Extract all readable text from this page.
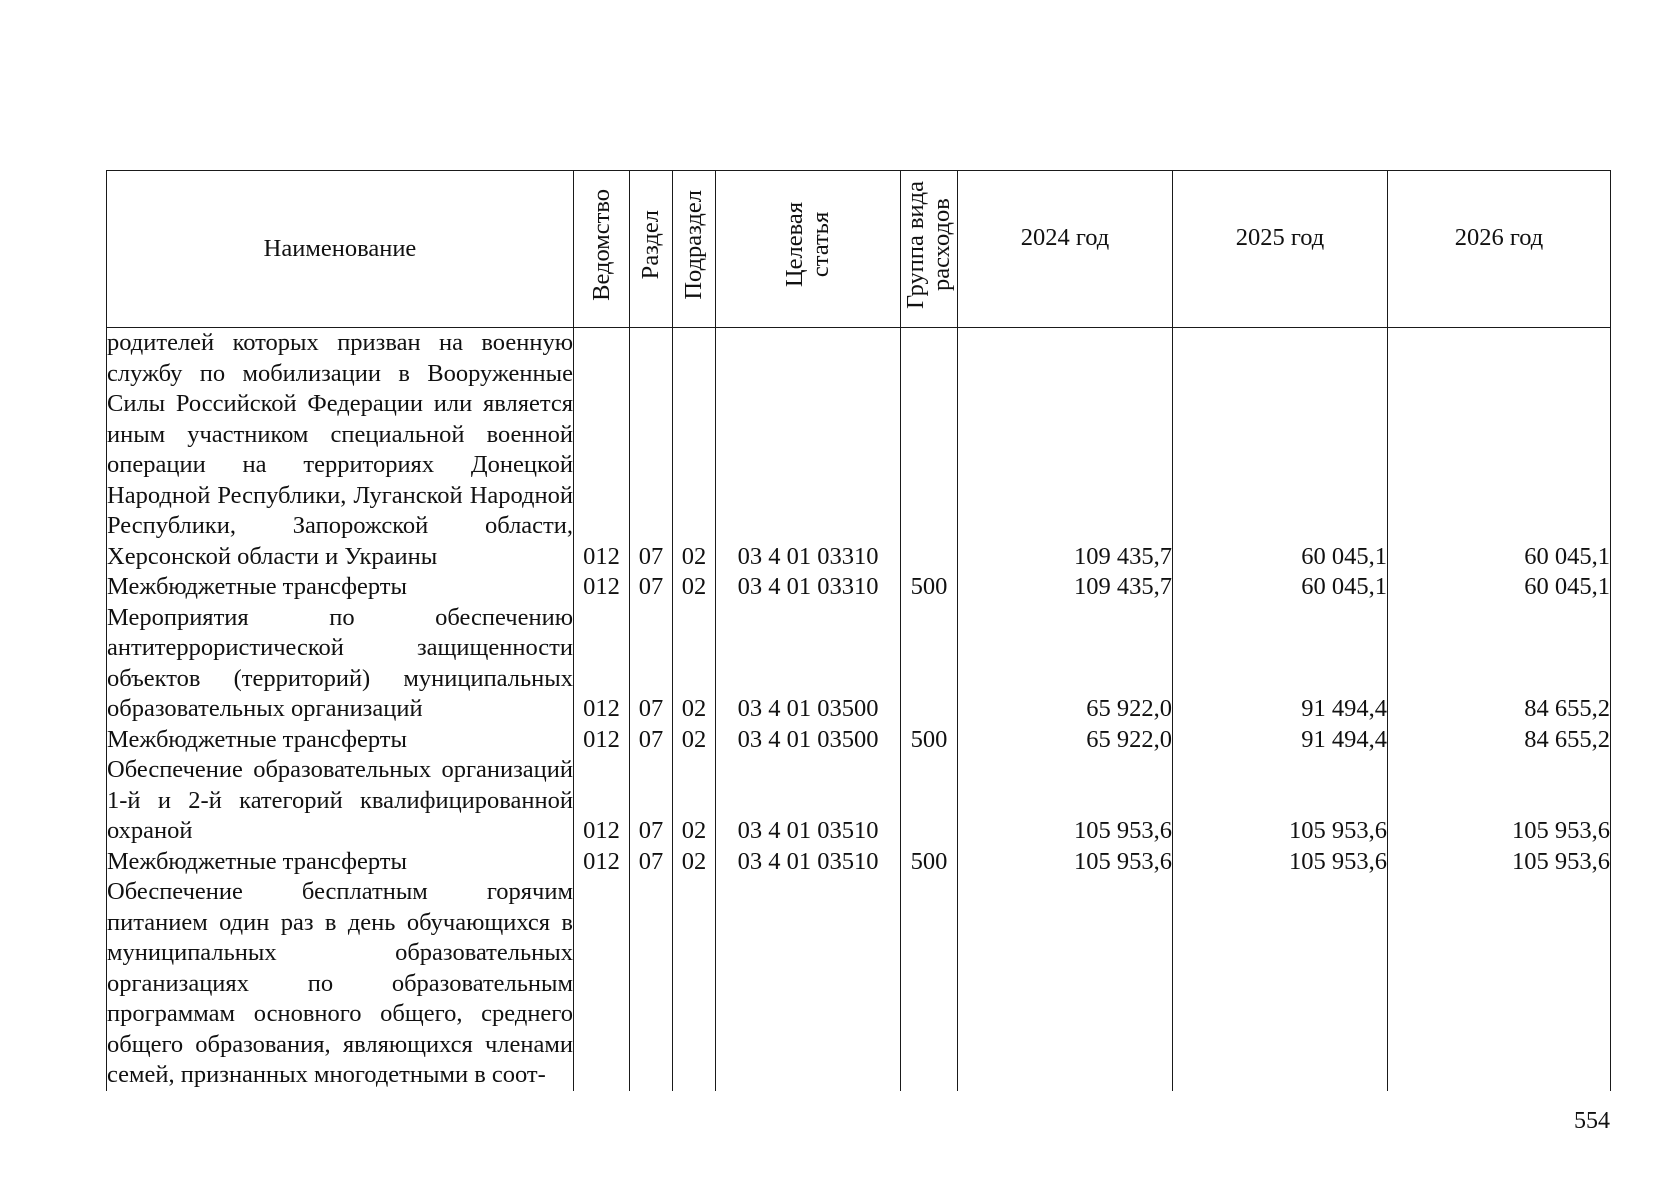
Наименование	Ведомство	Раздел	Подраздел	Целевая статья	Группа вида расходов	2024 год	2025 год	2026 год

родителей которых призван на военную службу по мобилизации в Вооруженные Силы Российской Федерации или является иным участником специальной военной операции на территориях Донецкой Народной Республики, Луганской Народной Республики, Запорожской области, Херсонской области и Украины	012	07	02	03 4 01 03310		109 435,7	60 045,1	60 045,1
Межбюджетные трансферты	012	07	02	03 4 01 03310	500	109 435,7	60 045,1	60 045,1
Мероприятия по обеспечению антитеррористической защищенности объектов (территорий) муниципальных образовательных организаций	012	07	02	03 4 01 03500		65 922,0	91 494,4	84 655,2
Межбюджетные трансферты	012	07	02	03 4 01 03500	500	65 922,0	91 494,4	84 655,2
Обеспечение образовательных организаций 1-й и 2-й категорий квалифицированной охраной	012	07	02	03 4 01 03510		105 953,6	105 953,6	105 953,6
Межбюджетные трансферты	012	07	02	03 4 01 03510	500	105 953,6	105 953,6	105 953,6
Обеспечение бесплатным горячим питанием один раз в день обучающихся в муниципальных образовательных организациях по образовательным программам основного общего, среднего общего образования, являющихся членами семей, признанных многодетными в соот-								
554
